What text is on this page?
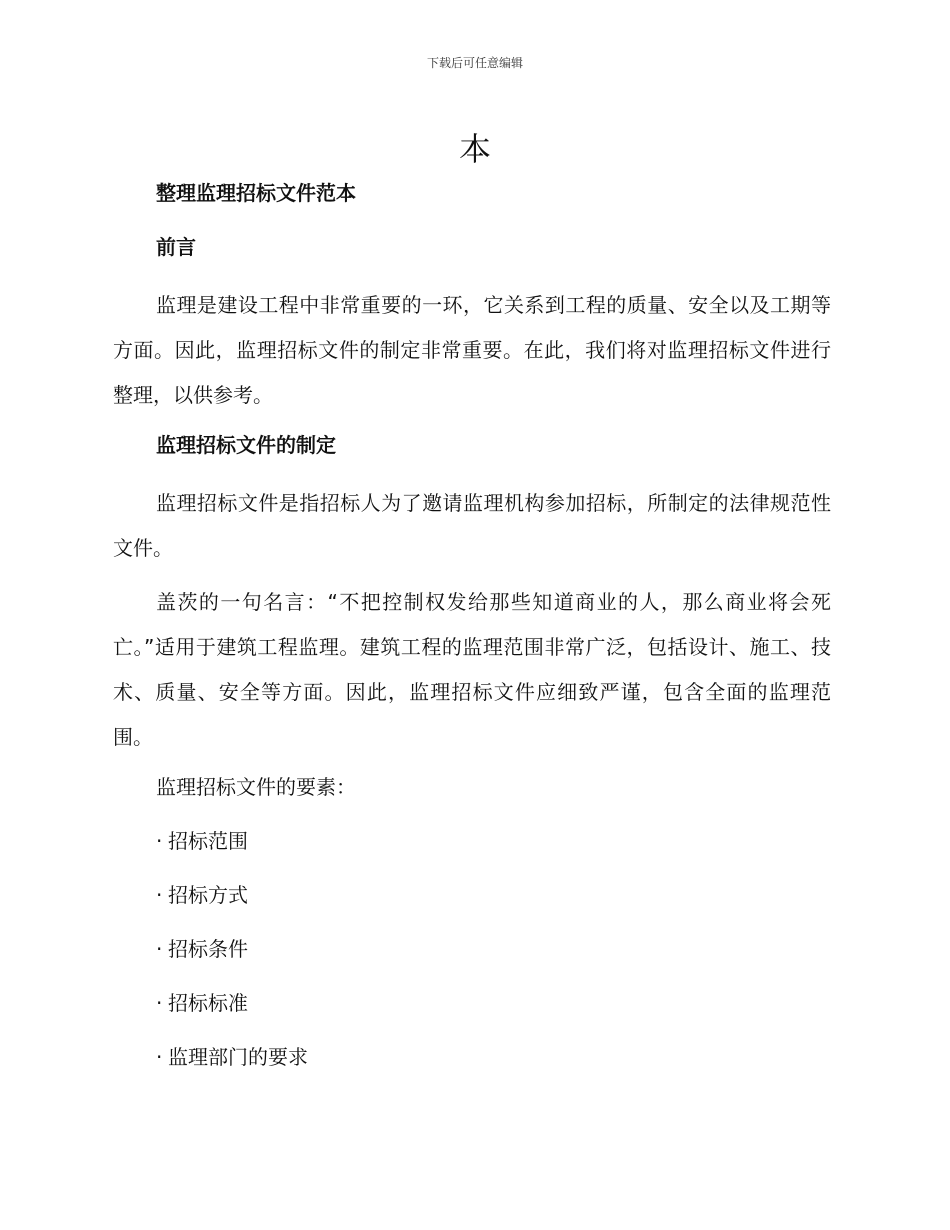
下载后可任意编辑
本
整理监理招标文件范本
前言

监理是建设工程中非常重要的一环，它关系到工程的质量、安全以及工期等方面。因此，监理招标文件的制定非常重要。在此，我们将对监理招标文件进行整理，以供参考。

监理招标文件的制定

监理招标文件是指招标人为了邀请监理机构参加招标，所制定的法律规范性文件。

盖茨的一句名言：“不把控制权发给那些知道商业的人，那么商业将会死亡。”适用于建筑工程监理。建筑工程的监理范围非常广泛，包括设计、施工、技术、质量、安全等方面。因此，监理招标文件应细致严谨，包含全面的监理范围。

监理招标文件的要素：
· 招标范围
· 招标方式
· 招标条件
· 招标标准
· 监理部门的要求
